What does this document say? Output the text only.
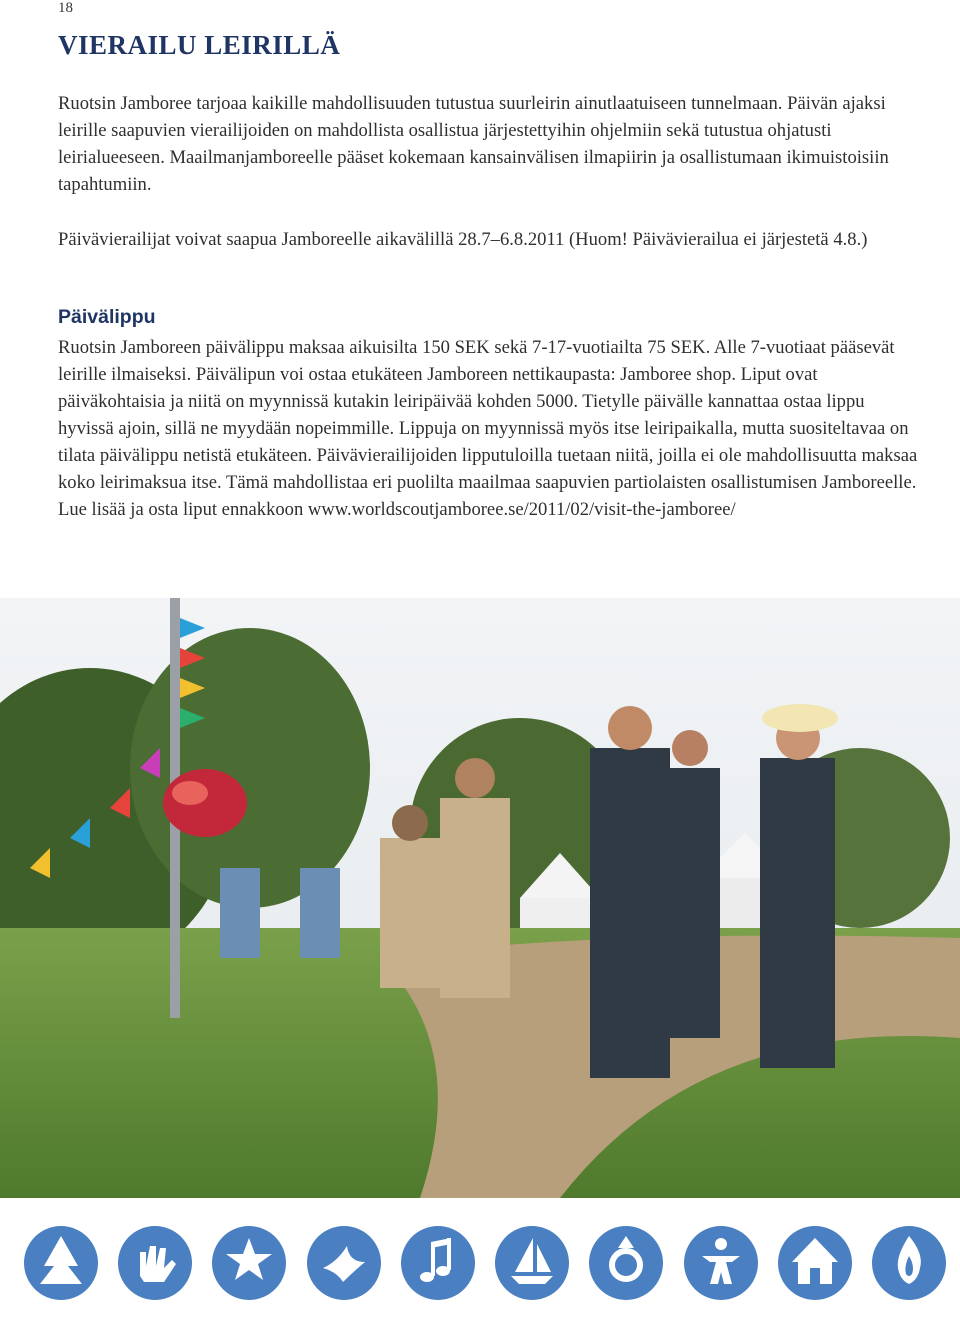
18
VIERAILU LEIRILLÄ

Ruotsin Jamboree tarjoaa kaikille mahdollisuuden tutustua suurleirin ainutlaatuiseen tunnelmaan. Päivän ajaksi leirille saapuvien vierailijoiden on mahdollista osallistua järjestettyihin ohjelmiin sekä tutustua ohjatusti leirialueeseen. Maailmanjamboreelle pääset kokemaan kansainvälisen ilmapiirin ja osallistumaan ikimuistoisiin tapahtumiin.

Päivävierailijat voivat saapua Jamboreelle aikavälillä 28.7–6.8.2011 (Huom! Päivävierailua ei järjestetä 4.8.)

Päivälippu

Ruotsin Jamboreen päivälippu maksaa aikuisilta 150 SEK sekä 7-17-vuotiailta 75 SEK. Alle 7-vuotiaat pääsevät leirille ilmaiseksi. Päivälipun voi ostaa etukäteen Jamboreen nettikaupasta: Jamboree shop. Liput ovat päiväkohtaisia ja niitä on myynnissä kutakin leiripäivää kohden 5000. Tietylle päivälle kannattaa ostaa lippu hyvissä ajoin, sillä ne myydään nopeimmille. Lippuja on myynnissä myös itse leiripaikalla, mutta suositeltavaa on tilata päivälippu netistä etukäteen. Päivävierailijoiden lipputuloilla tuetaan niitä, joilla ei ole mahdollisuutta maksaa koko leirimaksua itse. Tämä mahdollistaa eri puolilta maailmaa saapuvien partiolaisten osallistumisen Jamboreelle. Lue lisää ja osta liput ennakkoon www.worldscoutjamboree.se/2011/02/visit-the-jamboree/
